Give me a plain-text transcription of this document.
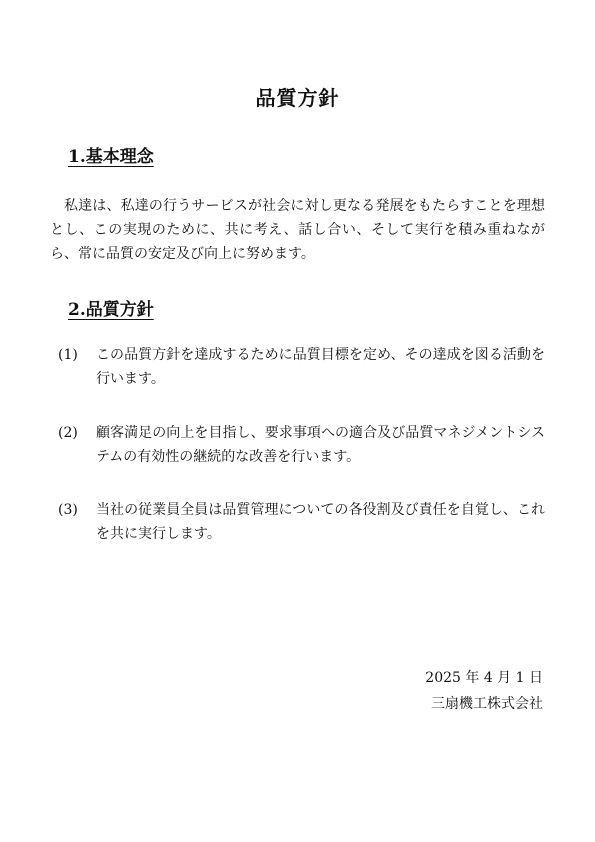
品質方針
1.基本理念
私達は、私達の行うサービスが社会に対し更なる発展をもたらすことを理想とし、この実現のために、共に考え、話し合い、そして実行を積み重ねながら、常に品質の安定及び向上に努めます。
2.品質方針
(1)	この品質方針を達成するために品質目標を定め、その達成を図る活動を行います。
(2)	顧客満足の向上を目指し、要求事項への適合及び品質マネジメントシステムの有効性の継続的な改善を行います。
(3)	当社の従業員全員は品質管理についての各役割及び責任を自覚し、これを共に実行します。
2025 年 4 月 1 日
三扇機工株式会社
